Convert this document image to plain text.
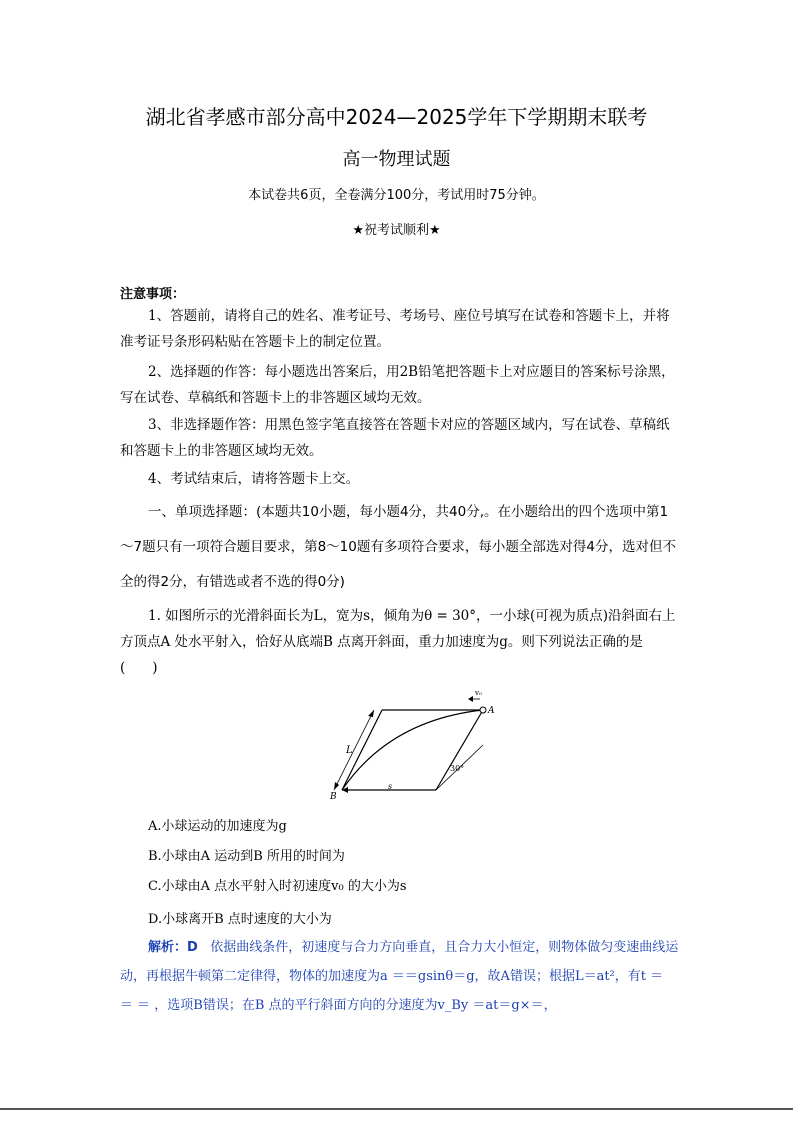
湖北省孝感市部分高中2024—2025学年下学期期末联考
高一物理试题
本试卷共6页，全卷满分100分，考试用时75分钟。
★祝考试顺利★
注意事项：
1、答题前，请将自己的姓名、准考证号、考场号、座位号填写在试卷和答题卡上，并将准考证号条形码粘贴在答题卡上的制定位置。
2、选择题的作答：每小题选出答案后，用2B铅笔把答题卡上对应题目的答案标号涂黑，写在试卷、草稿纸和答题卡上的非答题区域均无效。
3、非选择题作答：用黑色签字笔直接答在答题卡对应的答题区域内，写在试卷、草稿纸和答题卡上的非答题区域均无效。
4、考试结束后，请将答题卡上交。
一、单项选择题：(本题共10小题，每小题4分，共40分,。在小题给出的四个选项中第1～7题只有一项符合题目要求，第8～10题有多项符合要求，每小题全部选对得4分，选对但不全的得2分，有错选或者不选的得0分)
1. 如图所示的光滑斜面长为L，宽为s，倾角为θ = 30°，一小球(可视为质点)沿斜面右上方顶点A 处水平射入，恰好从底端B 点离开斜面，重力加速度为g。则下列说法正确的是(　　)
A
v₀
L
B
s
30°
A.小球运动的加速度为g
B.小球由A 运动到B 所用的时间为
C.小球由A 点水平射入时初速度v₀ 的大小为s
D.小球离开B 点时速度的大小为
解析：D 依据曲线条件，初速度与合力方向垂直，且合力大小恒定，则物体做匀变速曲线运动，再根据牛顿第二定律得，物体的加速度为a ＝＝gsinθ＝g，故A错误；根据L＝at²，有t ＝ ＝ ＝ ，选项B错误；在B 点的平行斜面方向的分速度为v_By ＝at＝g×＝，
